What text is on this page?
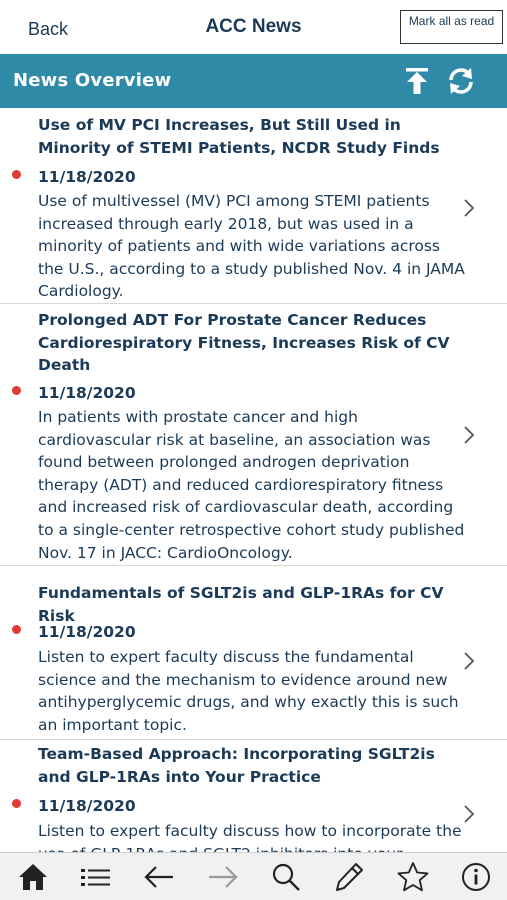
Back	ACC News	Mark all as read
News Overview
Use of MV PCI Increases, But Still Used in Minority of STEMI Patients, NCDR Study Finds
11/18/2020
Use of multivessel (MV) PCI among STEMI patients increased through early 2018, but was used in a minority of patients and with wide variations across the U.S., according to a study published Nov. 4 in JAMA Cardiology.
Prolonged ADT For Prostate Cancer Reduces Cardiorespiratory Fitness, Increases Risk of CV Death
11/18/2020
In patients with prostate cancer and high cardiovascular risk at baseline, an association was found between prolonged androgen deprivation therapy (ADT) and reduced cardiorespiratory fitness and increased risk of cardiovascular death, according to a single-center retrospective cohort study published Nov. 17 in JACC: CardioOncology.
Fundamentals of SGLT2is and GLP-1RAs for CV Risk
11/18/2020
Listen to expert faculty discuss the fundamental science and the mechanism to evidence around new antihyperglycemic drugs, and why exactly this is such an important topic.
Team-Based Approach: Incorporating SGLT2is and GLP-1RAs into Your Practice
11/18/2020
Listen to expert faculty discuss how to incorporate the
